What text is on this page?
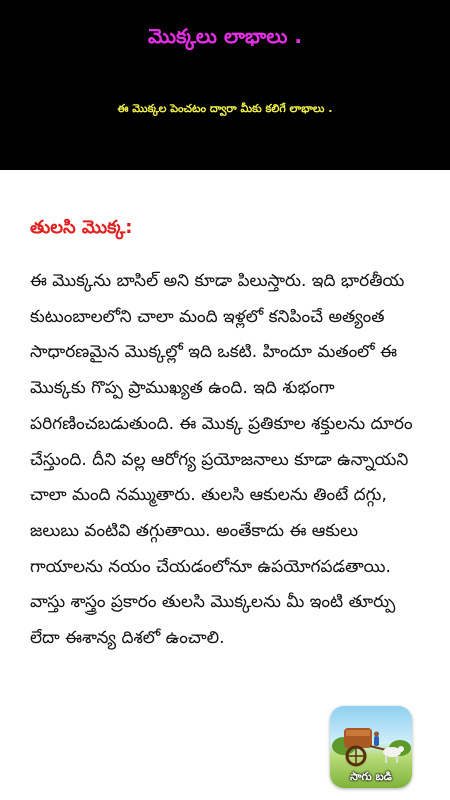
మొక్కలు లాభాలు .
ఈ మొక్కల పెంచటం ద్వారా మీకు కలిగే లాభాలు .
తులసి మొక్క:

ఈ మొక్కను బాసిల్ అని కూడా పిలుస్తారు. ఇది భారతీయ కుటుంబాలలోని చాలా మంది ఇళ్లలో కనిపించే అత్యంత సాధారణమైన మొక్కల్లో ఇది ఒకటి. హిందూ మతంలో ఈ మొక్కకు గొప్ప ప్రాముఖ్యత ఉంది. ఇది శుభంగా పరిగణించబడుతుంది. ఈ మొక్క ప్రతికూల శక్తులను దూరం చేస్తుంది. దీని వల్ల ఆరోగ్య ప్రయోజనాలు కూడా ఉన్నాయని చాలా మంది నమ్ముతారు. తులసి ఆకులను తింటే దగ్గు, జలుబు వంటివి తగ్గుతాయి. అంతేకాదు ఈ ఆకులు గాయాలను నయం చేయడంలోనూ ఉపయోగపడతాయి. వాస్తు శాస్త్రం ప్రకారం తులసి మొక్కలను మీ ఇంటి తూర్పు లేదా ఈశాన్య దిశలో ఉంచాలి.

సాగు బడి
